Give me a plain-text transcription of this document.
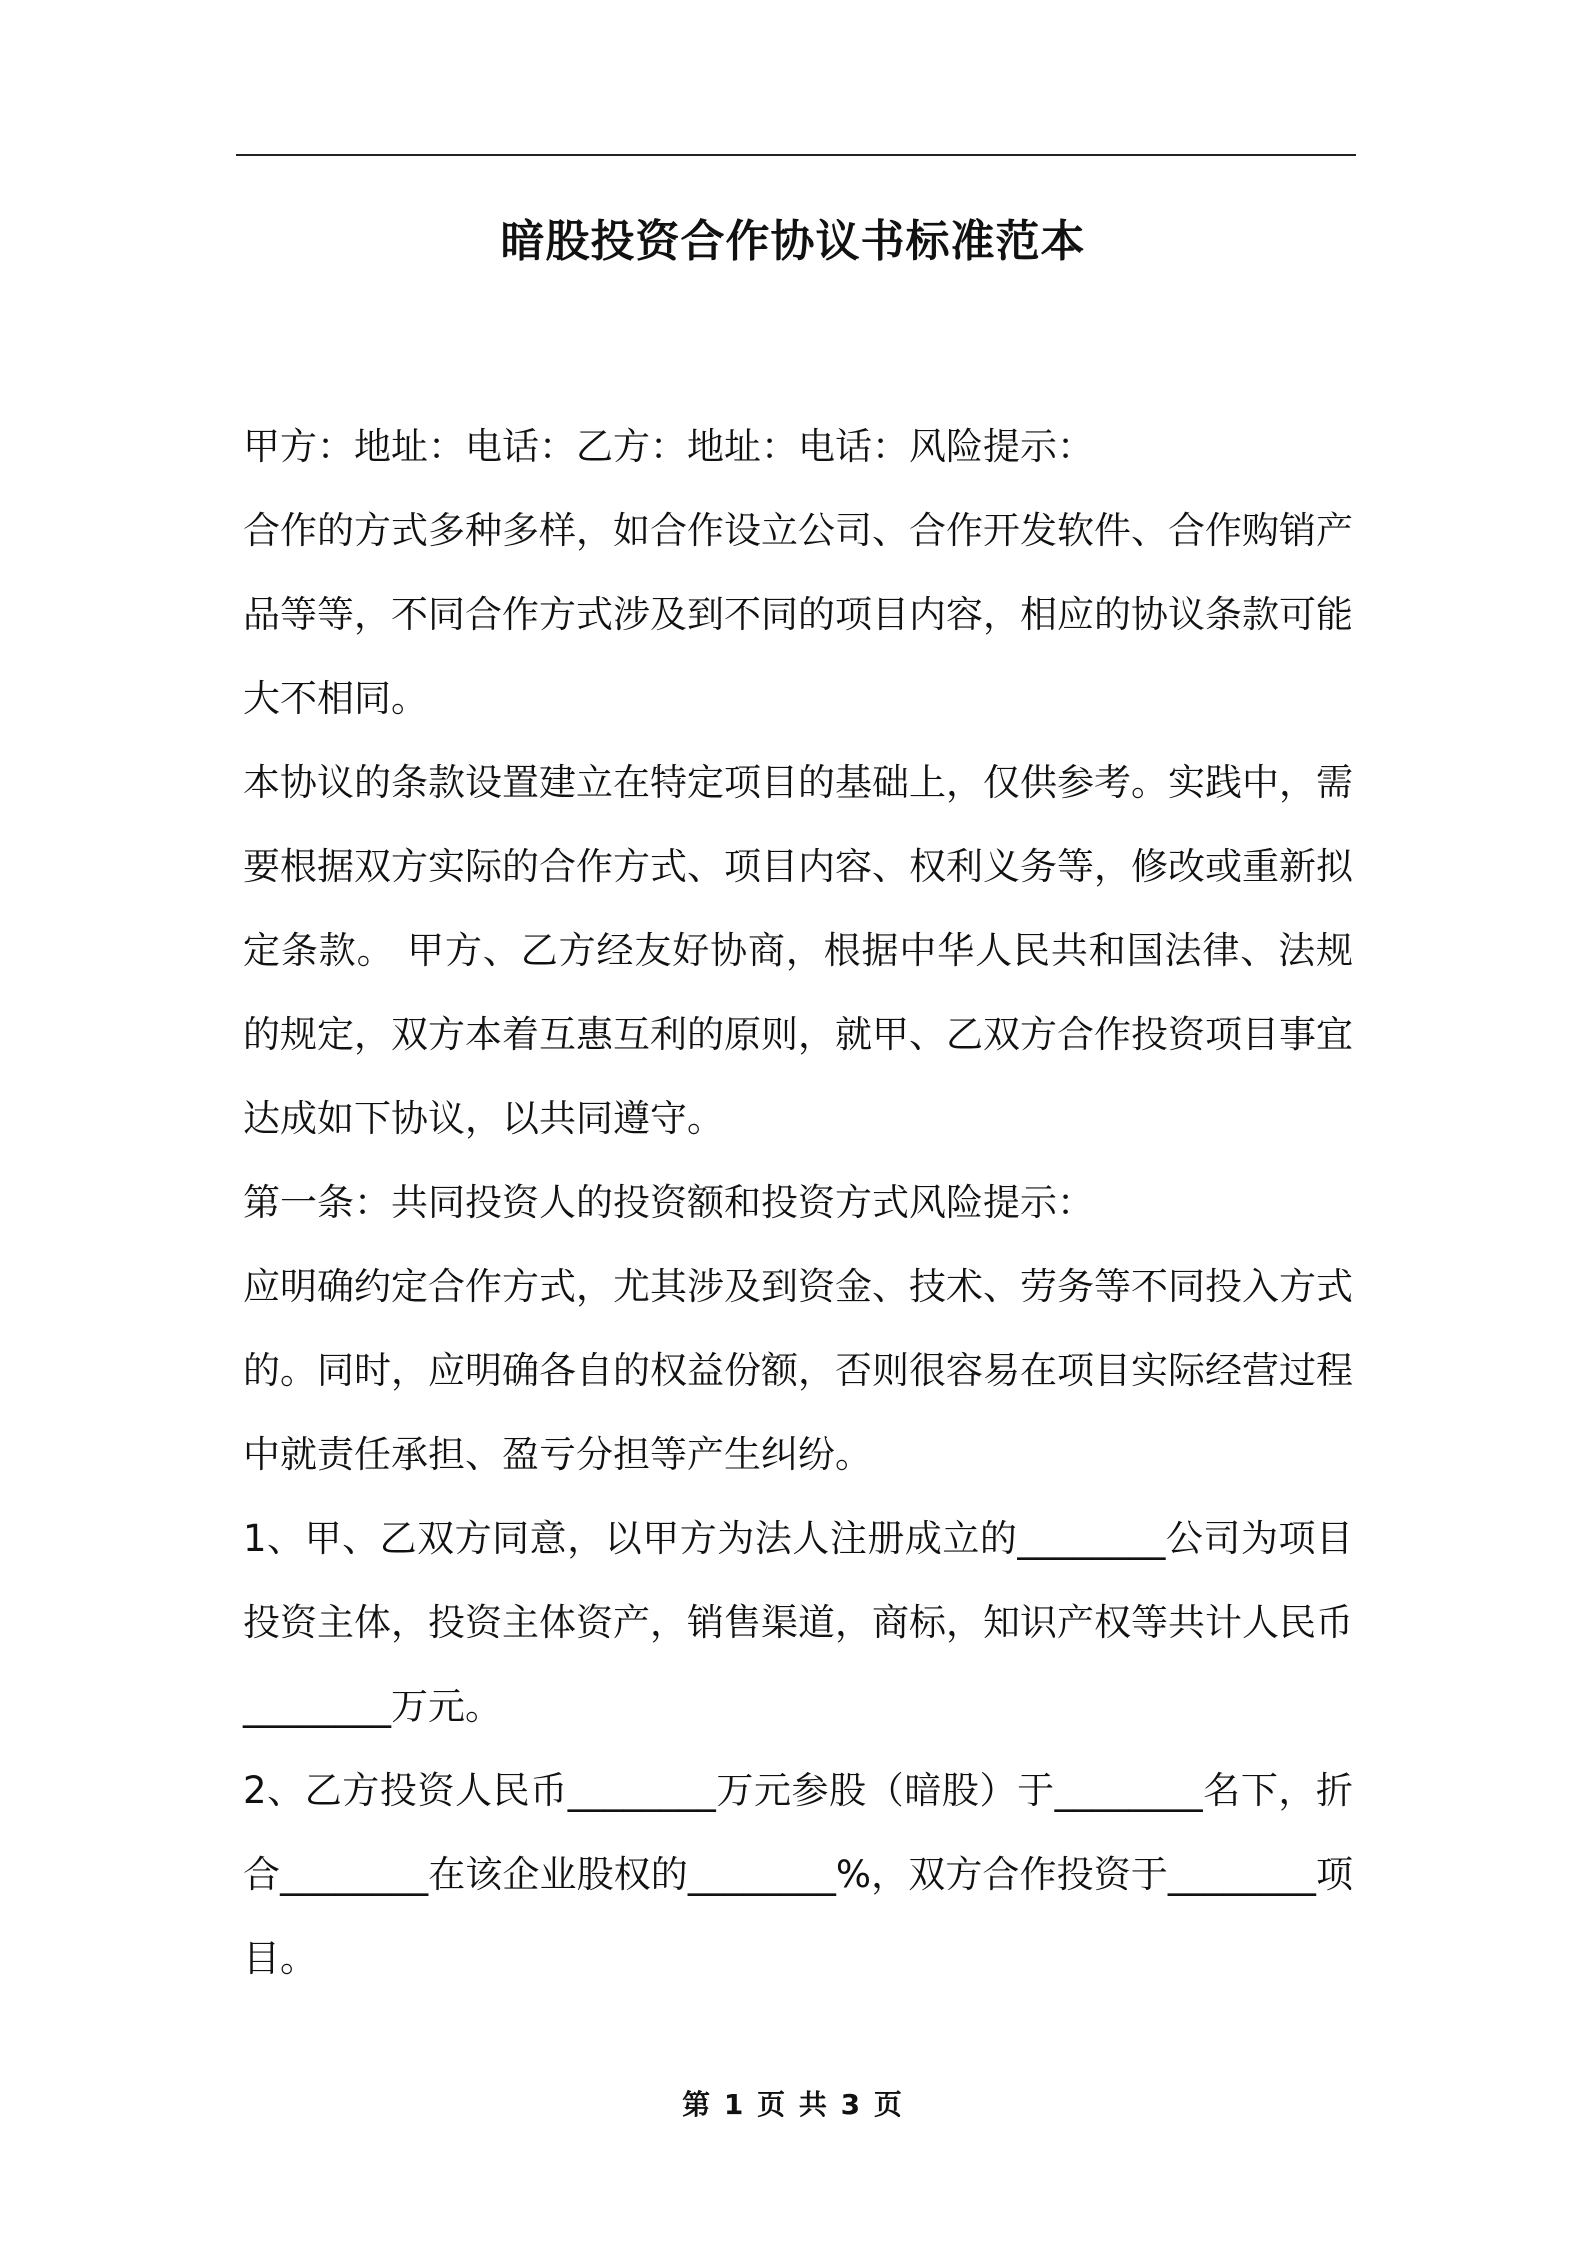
暗股投资合作协议书标准范本

甲方：地址：电话：乙方：地址：电话：风险提示：

合作的方式多种多样，如合作设立公司、合作开发软件、合作购销产品等等，不同合作方式涉及到不同的项目内容，相应的协议条款可能大不相同。

本协议的条款设置建立在特定项目的基础上，仅供参考。实践中，需要根据双方实际的合作方式、项目内容、权利义务等，修改或重新拟定条款。 甲方、乙方经友好协商，根据中华人民共和国法律、法规的规定，双方本着互惠互利的原则，就甲、乙双方合作投资项目事宜达成如下协议，以共同遵守。

第一条：共同投资人的投资额和投资方式风险提示：

应明确约定合作方式，尤其涉及到资金、技术、劳务等不同投入方式的。同时，应明确各自的权益份额，否则很容易在项目实际经营过程中就责任承担、盈亏分担等产生纠纷。

1、甲、乙双方同意，以甲方为法人注册成立的________公司为项目投资主体，投资主体资产，销售渠道，商标，知识产权等共计人民币________万元。

2、乙方投资人民币________万元参股（暗股）于________名下，折合________在该企业股权的________%，双方合作投资于________项目。

第 1 页 共 3 页
